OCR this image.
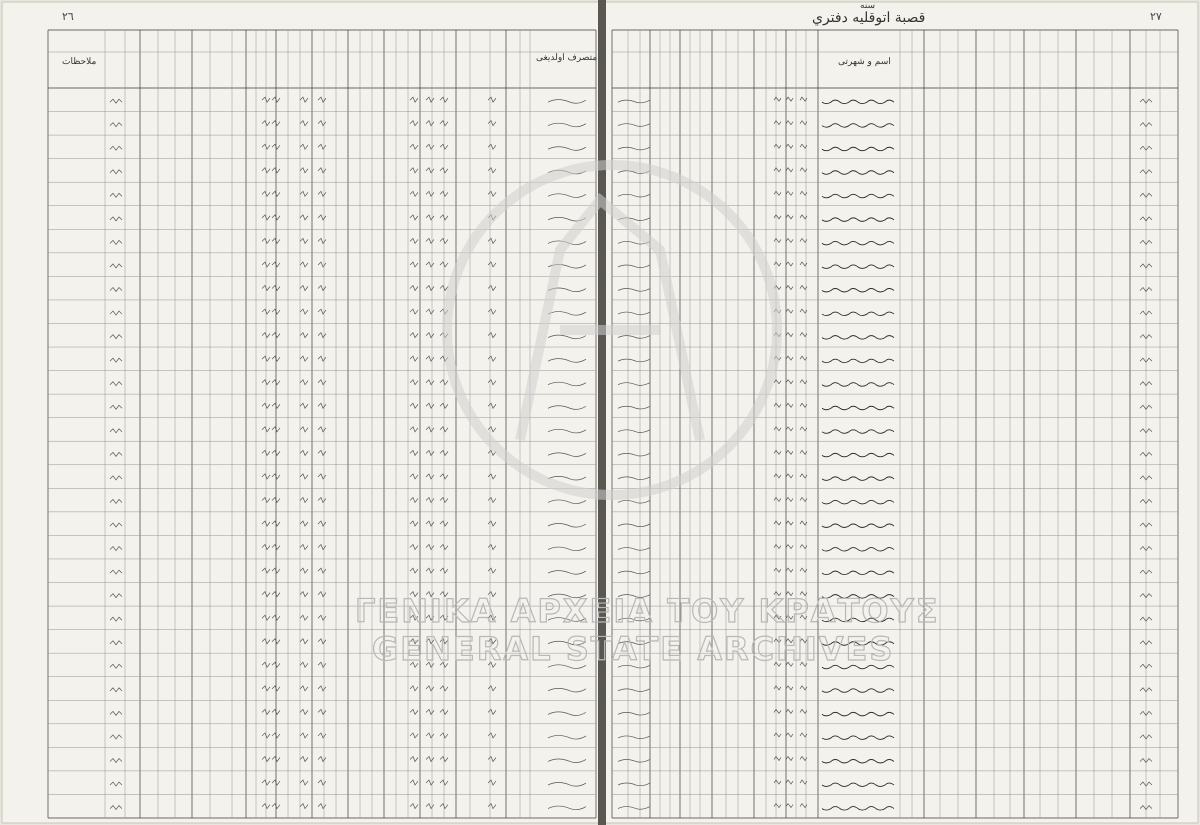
٢٦	٢٧
قصبة اتوقليه دفتري
سنه
ملاحظات	اسم و شهرتی
متصرف اولدیغی
ΓΕΝΙΚΑ ΑΡΧΕΙΑ ΤΟΥ ΚΡΑΤΟΥΣ
GENERAL STATE ARCHIVES
